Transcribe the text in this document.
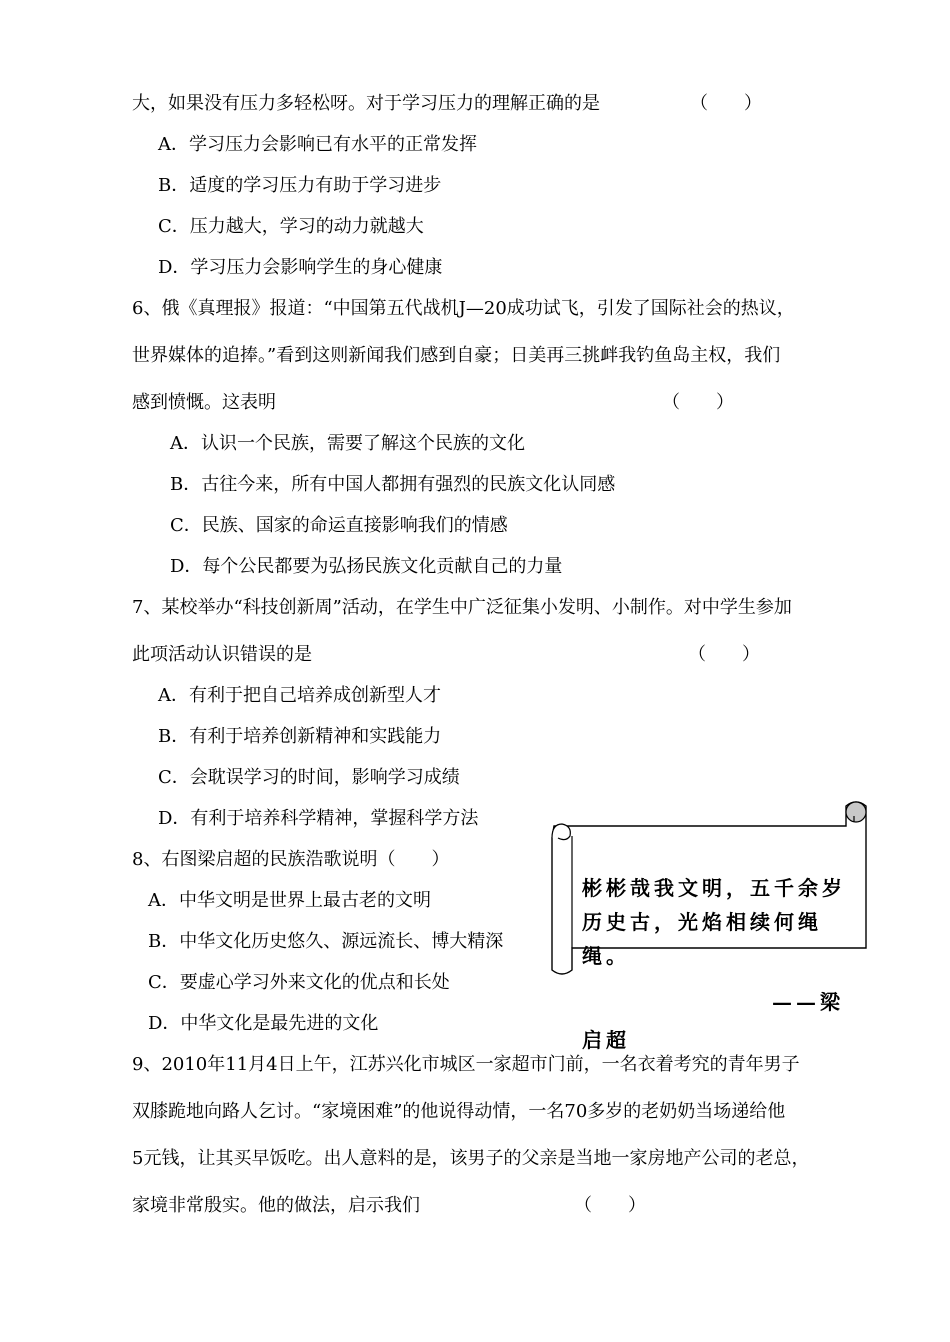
大，如果没有压力多轻松呀。对于学习压力的理解正确的是	（　　）
A．学习压力会影响已有水平的正常发挥
B．适度的学习压力有助于学习进步
C．压力越大，学习的动力就越大
D．学习压力会影响学生的身心健康
6、俄《真理报》报道：“中国第五代战机J—20成功试飞，引发了国际社会的热议，
世界媒体的追捧。”看到这则新闻我们感到自豪；日美再三挑衅我钓鱼岛主权，我们
感到愤慨。这表明	（　　）
A．认识一个民族，需要了解这个民族的文化
B．古往今来，所有中国人都拥有强烈的民族文化认同感
C．民族、国家的命运直接影响我们的情感
D．每个公民都要为弘扬民族文化贡献自己的力量
7、某校举办“科技创新周”活动，在学生中广泛征集小发明、小制作。对中学生参加
此项活动认识错误的是	（　　）
A．有利于把自己培养成创新型人才
B．有利于培养创新精神和实践能力
C．会耽误学习的时间，影响学习成绩
D．有利于培养科学精神，掌握科学方法
8、右图梁启超的民族浩歌说明（　　）
A．中华文明是世界上最古老的文明
B．中华文化历史悠久、源远流长、博大精深
C．要虚心学习外来文化的优点和长处
D．中华文化是最先进的文化
彬彬哉我文明，五千余岁
历史古，光焰相续何绳
绳。
——梁
启超
9、2010年11月4日上午，江苏兴化市城区一家超市门前，一名衣着考究的青年男子
双膝跪地向路人乞讨。“家境困难”的他说得动情，一名70多岁的老奶奶当场递给他
5元钱，让其买早饭吃。出人意料的是，该男子的父亲是当地一家房地产公司的老总，
家境非常殷实。他的做法，启示我们	（　　）
